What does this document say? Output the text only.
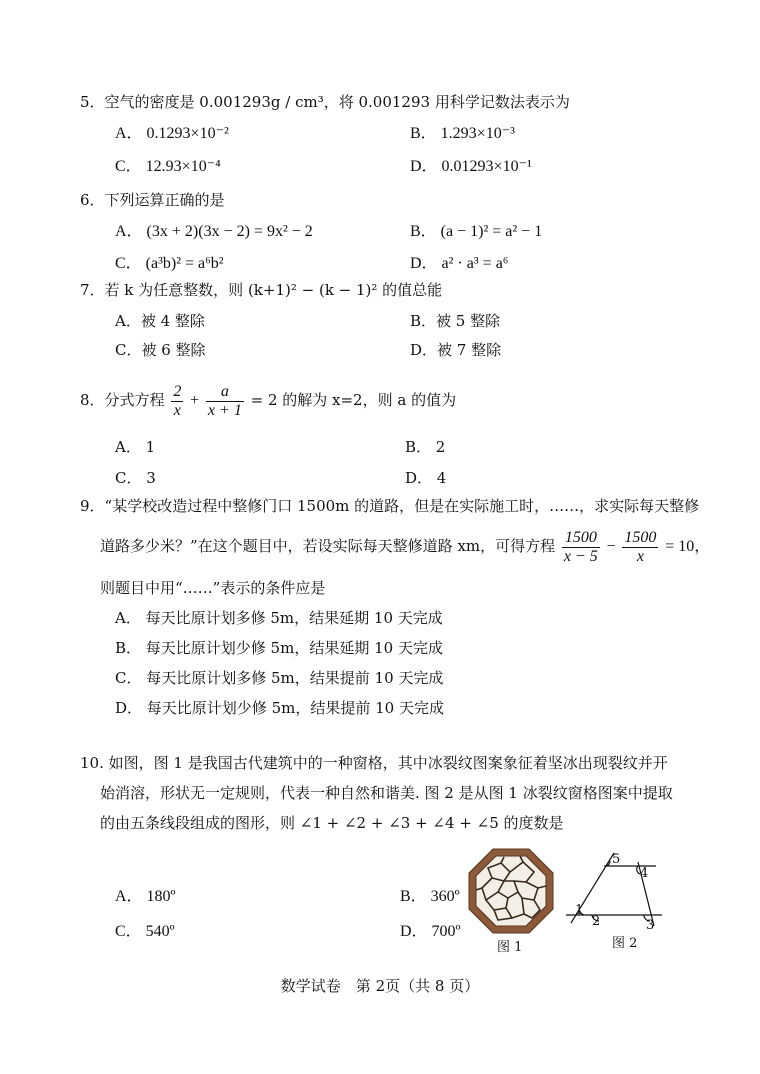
5．空气的密度是 0.001293g / cm³，将 0.001293 用科学记数法表示为
A． 0.1293×10⁻²	B． 1.293×10⁻³
C． 12.93×10⁻⁴	D． 0.01293×10⁻¹
6．下列运算正确的是
A． (3x + 2)(3x − 2) = 9x² − 2	B． (a − 1)² = a² − 1
C． (a³b)² = a⁶b²	D． a² · a³ = a⁶
7．若 k 为任意整数，则 (k+1)² − (k − 1)² 的值总能
A．被 4 整除	B．被 5 整除
C．被 6 整除	D．被 7 整除
8．分式方程 $\frac{2}{x} + \frac{a}{x + 1} = 2$ 的解为 x=2，则 a 的值为
A． 1	B． 2
C． 3	D． 4
9．“某学校改造过程中整修门口 1500m 的道路，但是在实际施工时，……，求实际每天整修
道路多少米？”在这个题目中，若设实际每天整修道路 xm，可得方程 $\frac{1500}{x - 5} - \frac{1500}{x} = 10$，
则题目中用“……”表示的条件应是
A． 每天比原计划多修 5m，结果延期 10 天完成
B． 每天比原计划少修 5m，结果延期 10 天完成
C． 每天比原计划多修 5m，结果提前 10 天完成
D． 每天比原计划少修 5m，结果提前 10 天完成
10. 如图，图 1 是我国古代建筑中的一种窗格，其中冰裂纹图案象征着坚冰出现裂纹并开
始消溶，形状无一定规则，代表一种自然和谐美. 图 2 是从图 1 冰裂纹窗格图案中提取
的由五条线段组成的图形，则 ∠1 + ∠2 + ∠3 + ∠4 + ∠5 的度数是
A． 180º	B． 360º
C． 540º	D． 700º
图 1
1
2	3
4
5
图 2
数学试卷　第 2页（共 8 页）
